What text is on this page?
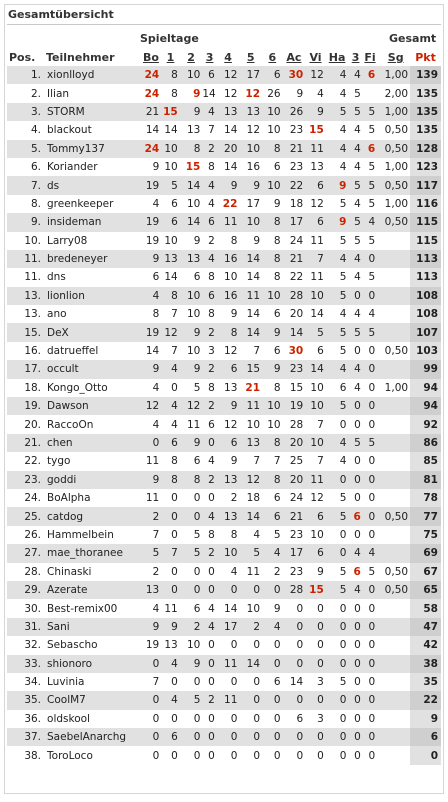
Gesamtübersicht
Spieltage	Gesamt
Pos.	Teilnehmer	Bo	1	2	3	4	5	6	Ac	Vi	Ha	3	Fi		Sg	Pkt
1.	xionlloyd	24	8	10	6	12	17	6	30	12	4	4	6		1,00	139
2.	Ilian	24	8	9	14	12	12	26	9	4	4	5			2,00	135
3.	STORM	21	15	9	4	13	13	10	26	9	5	5	5		1,00	135
4.	blackout	14	14	13	7	14	12	10	23	15	4	4	5		0,50	135
5.	Tommy137	24	10	8	2	20	10	8	21	11	4	4	6		0,50	128
6.	Koriander	9	10	15	8	14	16	6	23	13	4	4	5		1,00	123
7.	ds	19	5	14	4	9	9	10	22	6	9	5	5		0,50	117
8.	greenkeeper	4	6	10	4	22	17	9	18	12	5	4	5		1,00	116
9.	insideman	19	6	14	6	11	10	8	17	6	9	5	4		0,50	115
10.	Larry08	19	10	9	2	8	9	8	24	11	5	5	5			115
11.	bredeneyer	9	13	13	4	16	14	8	21	7	4	4	0			113
11.	dns	6	14	6	8	10	14	8	22	11	5	4	5			113
13.	lionlion	4	8	10	6	16	11	10	28	10	5	0	0			108
13.	ano	8	7	10	8	9	14	6	20	14	4	4	4			108
15.	DeX	19	12	9	2	8	14	9	14	5	5	5	5			107
16.	datrueffel	14	7	10	3	12	7	6	30	6	5	0	0		0,50	103
17.	occult	9	4	9	2	6	15	9	23	14	4	4	0			99
18.	Kongo_Otto	4	0	5	8	13	21	8	15	10	6	4	0		1,00	94
19.	Dawson	12	4	12	2	9	11	10	19	10	5	0	0			94
20.	RaccoOn	4	4	11	6	12	10	10	28	7	0	0	0			92
21.	chen	0	6	9	0	6	13	8	20	10	4	5	5			86
22.	tygo	11	8	6	4	9	7	7	25	7	4	0	0			85
23.	goddi	9	8	8	2	13	12	8	20	11	0	0	0			81
24.	BoAlpha	11	0	0	0	2	18	6	24	12	5	0	0			78
25.	catdog	2	0	0	4	13	14	6	21	6	5	6	0		0,50	77
26.	Hammelbein	7	0	5	8	8	4	5	23	10	0	0	0			75
27.	mae_thoranee	5	7	5	2	10	5	4	17	6	0	4	4			69
28.	Chinaski	2	0	0	0	4	11	2	23	9	5	6	5		0,50	67
29.	Azerate	13	0	0	0	0	0	0	28	15	5	4	0		0,50	65
30.	Best-remix00	4	11	6	4	14	10	9	0	0	0	0	0			58
31.	Sani	9	9	2	4	17	2	4	0	0	0	0	0			47
32.	Sebascho	19	13	10	0	0	0	0	0	0	0	0	0			42
33.	shionoro	0	4	9	0	11	14	0	0	0	0	0	0			38
34.	Luvinia	7	0	0	0	0	0	6	14	3	5	0	0			35
35.	CoolM7	0	4	5	2	11	0	0	0	0	0	0	0			22
36.	oldskool	0	0	0	0	0	0	0	6	3	0	0	0			9
37.	SaebelAnarchg	0	6	0	0	0	0	0	0	0	0	0	0			6
38.	ToroLoco	0	0	0	0	0	0	0	0	0	0	0	0			0
